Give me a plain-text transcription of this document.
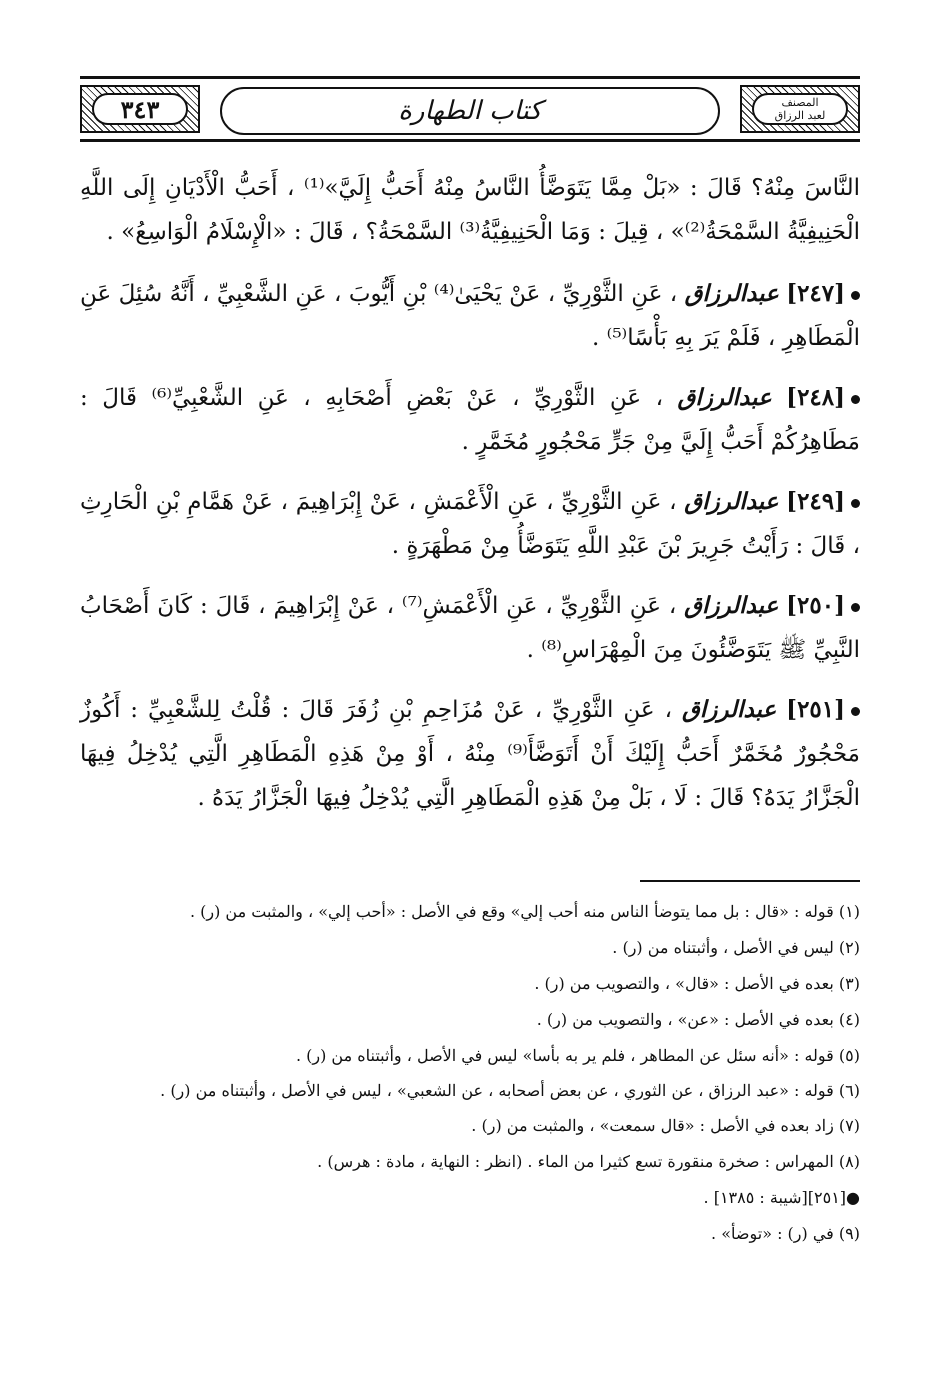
المصنف
لعبد الرزاق
كتاب الطهارة
٣٤٣

النَّاسَ مِنْهُ؟ قَالَ : «بَلْ مِمَّا يَتَوَضَّأُ النَّاسُ مِنْهُ أَحَبُّ إِلَيَّ»⁽¹⁾ ، أَحَبُّ الْأَدْيَانِ إِلَى اللَّهِ الْحَنِيفِيَّةُ السَّمْحَةُ⁽²⁾» ، قِيلَ : وَمَا الْحَنِيفِيَّةُ⁽³⁾ السَّمْحَةُ؟ ، قَالَ : «الْإِسْلَامُ الْوَاسِعُ» .

[٢٤٧] عبدالرزاق ، عَنِ الثَّوْرِيِّ ، عَنْ يَحْيَىٰ⁽⁴⁾ بْنِ أَيُّوبَ ، عَنِ الشَّعْبِيِّ ، أَنَّهُ سُئِلَ عَنِ الْمَطَاهِرِ ، فَلَمْ يَرَ بِهِ بَأْسًا⁽⁵⁾ .

[٢٤٨] عبدالرزاق ، عَنِ الثَّوْرِيِّ ، عَنْ بَعْضِ أَصْحَابِهِ ، عَنِ الشَّعْبِيِّ⁽⁶⁾ قَالَ : مَطَاهِرُكُمْ أَحَبُّ إِلَيَّ مِنْ جَرٍّ مَحْجُورٍ مُخَمَّرٍ .

[٢٤٩] عبدالرزاق ، عَنِ الثَّوْرِيِّ ، عَنِ الْأَعْمَشِ ، عَنْ إِبْرَاهِيمَ ، عَنْ هَمَّامِ بْنِ الْحَارِثِ ، قَالَ : رَأَيْتُ جَرِيرَ بْنَ عَبْدِ اللَّهِ يَتَوَضَّأُ مِنْ مَطْهَرَةٍ .

[٢٥٠] عبدالرزاق ، عَنِ الثَّوْرِيِّ ، عَنِ الْأَعْمَشِ⁽⁷⁾ ، عَنْ إِبْرَاهِيمَ ، قَالَ : كَانَ أَصْحَابُ النَّبِيِّ ﷺ يَتَوَضَّئُونَ مِنَ الْمِهْرَاسِ⁽⁸⁾ .

[٢٥١] عبدالرزاق ، عَنِ الثَّوْرِيِّ ، عَنْ مُزَاحِمِ بْنِ زُفَرَ قَالَ : قُلْتُ لِلشَّعْبِيِّ : أَكُوزٌ مَحْجُورٌ مُخَمَّرٌ أَحَبُّ إِلَيْكَ أَنْ أَتَوَضَّأَ⁽⁹⁾ مِنْهُ ، أَوْ مِنْ هَذِهِ الْمَطَاهِرِ الَّتِي يُدْخِلُ فِيهَا الْجَزَّارُ يَدَهُ؟ قَالَ : لَا ، بَلْ مِنْ هَذِهِ الْمَطَاهِرِ الَّتِي يُدْخِلُ فِيهَا الْجَزَّارُ يَدَهُ .

(١) قوله : «قال : بل مما يتوضأ الناس منه أحب إلي» وقع في الأصل : «أحب إلي» ، والمثبت من (ر) .
(٢) ليس في الأصل ، وأثبتناه من (ر) .
(٣) بعده في الأصل : «قال» ، والتصويب من (ر) .
(٤) بعده في الأصل : «عن» ، والتصويب من (ر) .
(٥) قوله : «أنه سئل عن المطاهر ، فلم ير به بأسا» ليس في الأصل ، وأثبتناه من (ر) .
(٦) قوله : «عبد الرزاق ، عن الثوري ، عن بعض أصحابه ، عن الشعبي» ، ليس في الأصل ، وأثبتناه من (ر) .
(٧) زاد بعده في الأصل : «قال سمعت» ، والمثبت من (ر) .
(٨) المهراس : صخرة منقورة تسع كثيرا من الماء . (انظر : النهاية ، مادة : هرس) .
●[٢٥١][شيبة : ١٣٨٥] .
(٩) في (ر) : «توضأ» .
